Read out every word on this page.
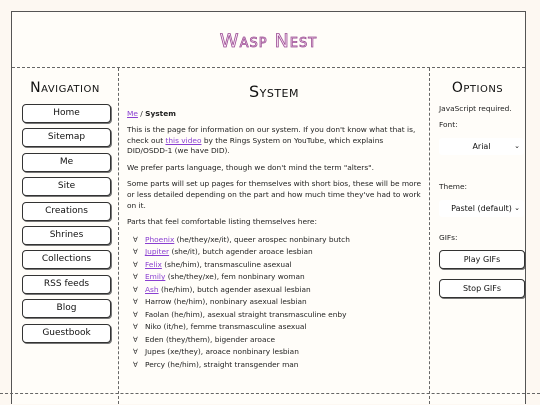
Wasp Nest
Navigation
Home
Sitemap
Me
Site
Creations
Shrines
Collections
RSS feeds
Blog
Guestbook
System
Me / System

This is the page for information on our system. If you don't know what that is, check out this video by the Rings System on YouTube, which explains DID/OSDD-1 (we have DID).

We prefer parts language, though we don't mind the term "alters".

Some parts will set up pages for themselves with short bios, these will be more or less detailed depending on the part and how much time they've had to work on it.

Parts that feel comfortable listing themselves here:

∀ Phoenix (he/they/xe/it), queer arospec nonbinary butch
∀ Jupiter (she/it), butch agender aroace lesbian
∀ Felix (she/him), transmasculine asexual
∀ Emily (she/they/xe), fem nonbinary woman
∀ Ash (he/him), butch agender asexual lesbian
∀ Harrow (he/him), nonbinary asexual lesbian
∀ Faolan (he/him), asexual straight transmasculine enby
∀ Niko (it/he), femme transmasculine asexual
∀ Eden (they/them), bigender aroace
∀ Jupes (xe/they), aroace nonbinary lesbian
∀ Percy (he/him), straight transgender man
Options
JavaScript required.
Font:
Arial	⌄
Theme:
Pastel (default) ⌄
GIFs:
Play GIFs
Stop GIFs
